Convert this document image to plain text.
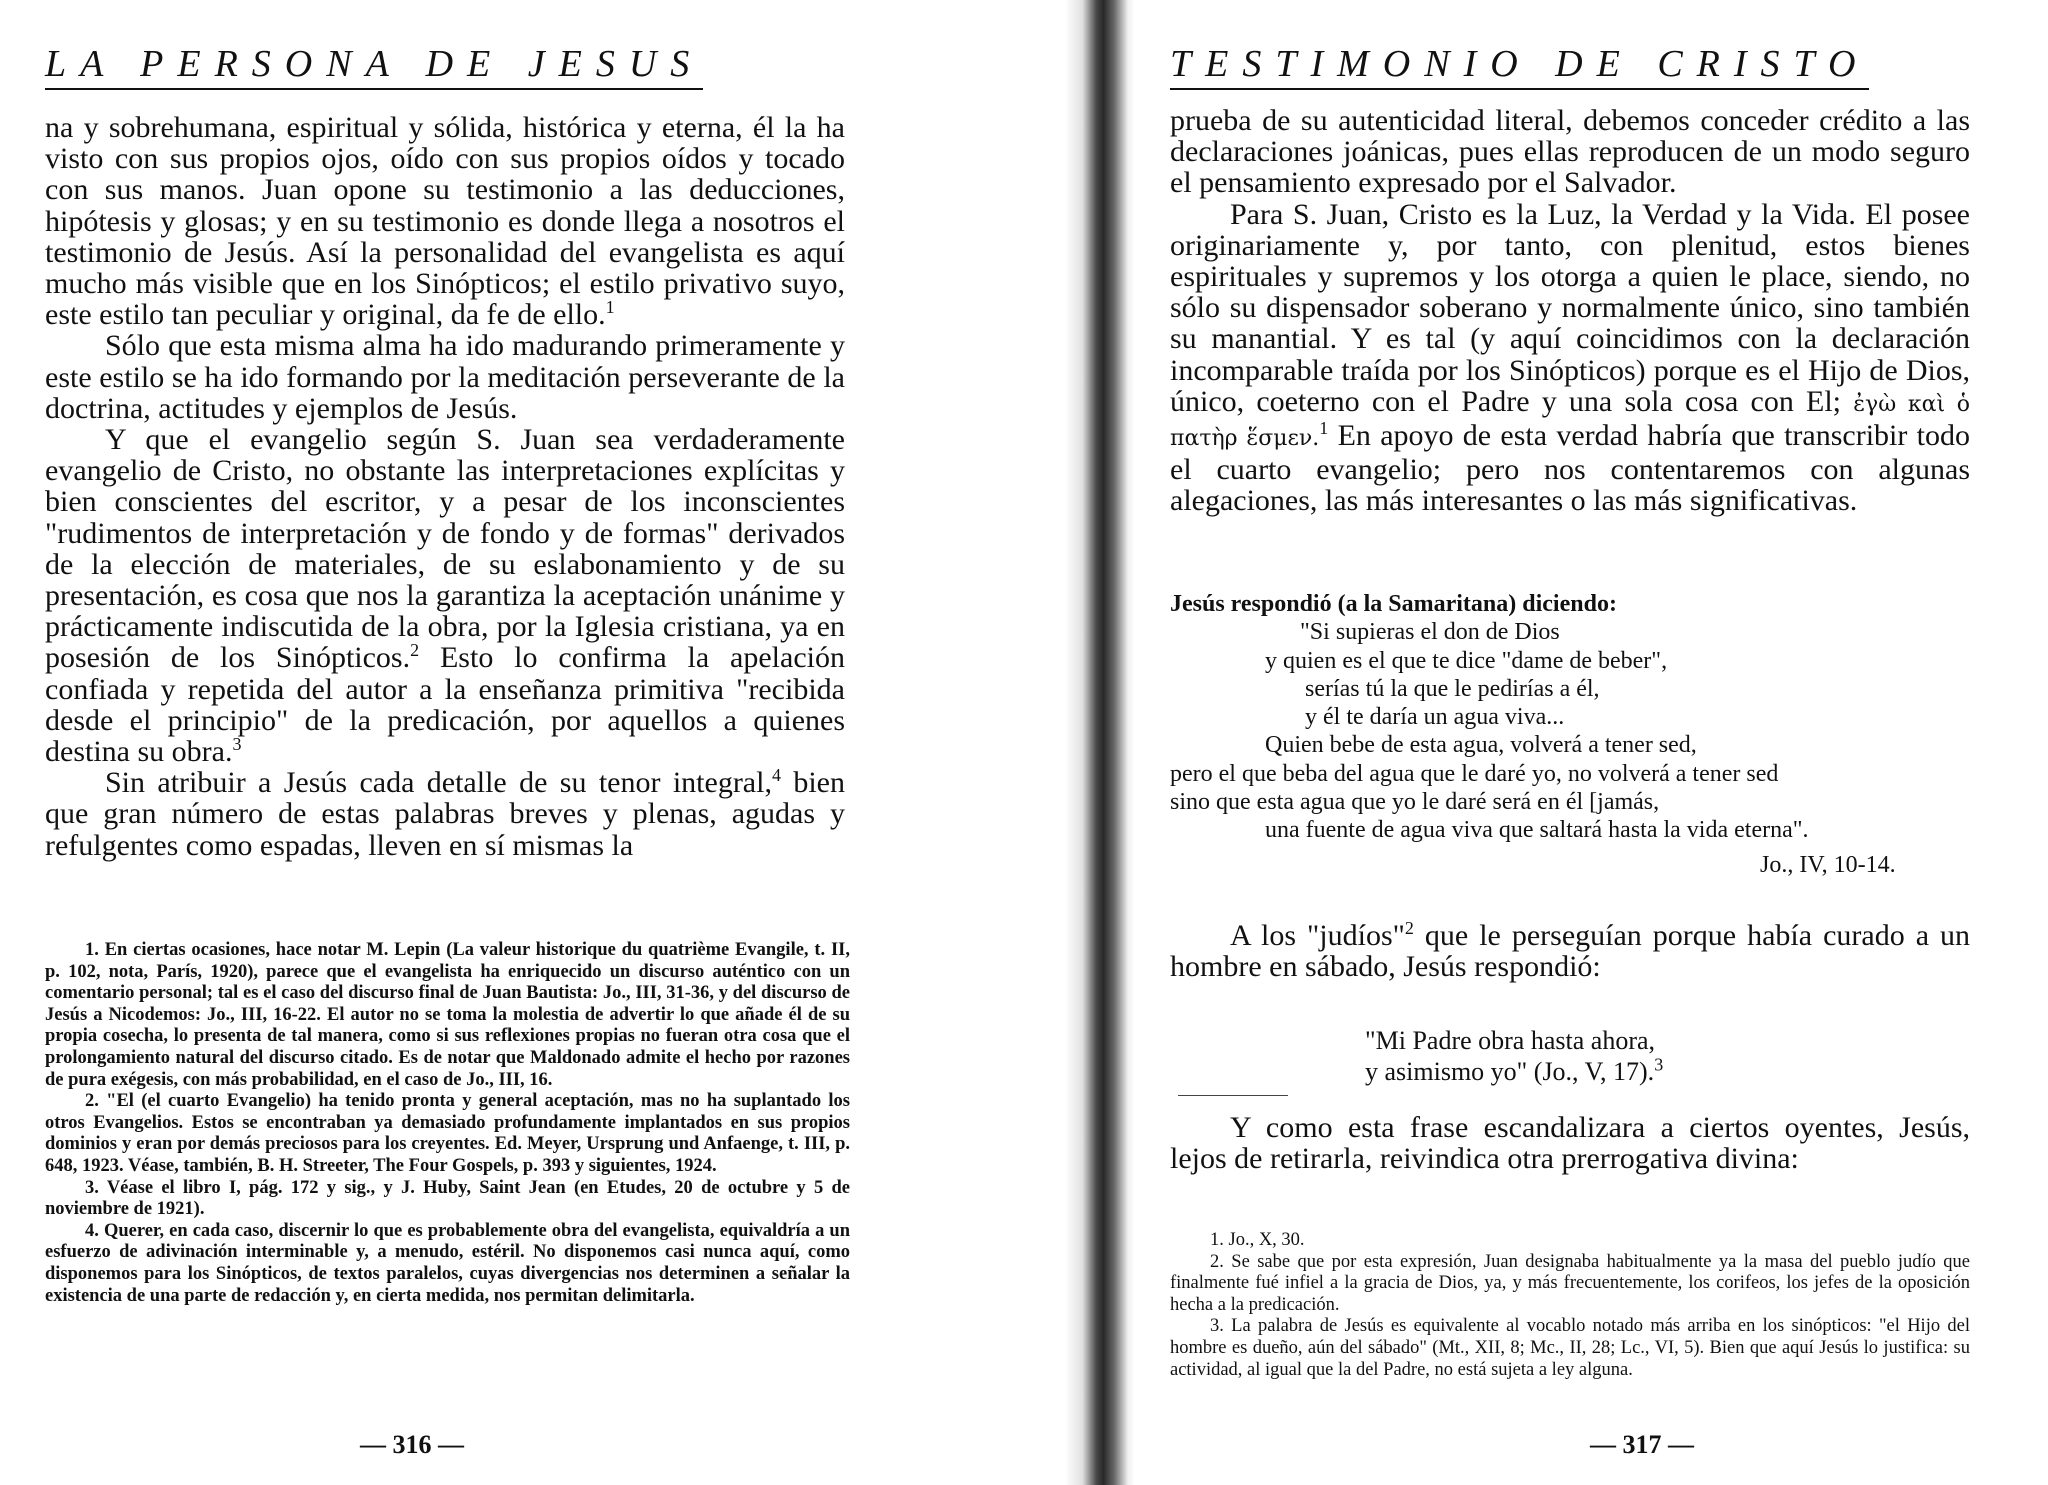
LA PERSONA DE JESUS

na y sobrehumana, espiritual y sólida, histórica y eterna, él la ha visto con sus propios ojos, oído con sus propios oídos y tocado con sus manos. Juan opone su testimonio a las deducciones, hipótesis y glosas; y en su testimonio es donde llega a nosotros el testimonio de Jesús. Así la personalidad del evangelista es aquí mucho más visible que en los Sinópticos; el estilo privativo suyo, este estilo tan peculiar y original, da fe de ello.$^1$

Sólo que esta misma alma ha ido madurando primeramente y este estilo se ha ido formando por la meditación perseverante de la doctrina, actitudes y ejemplos de Jesús.

Y que el evangelio según S. Juan sea verdaderamente evangelio de Cristo, no obstante las interpretaciones explícitas y bien conscientes del escritor, y a pesar de los inconscientes "rudimentos de interpretación y de fondo y de formas" derivados de la elección de materiales, de su eslabonamiento y de su presentación, es cosa que nos la garantiza la aceptación unánime y prácticamente indiscutida de la obra, por la Iglesia cristiana, ya en posesión de los Sinópticos.$^2$ Esto lo confirma la apelación confiada y repetida del autor a la enseñanza primitiva "recibida desde el principio" de la predicación, por aquellos a quienes destina su obra.$^3$

Sin atribuir a Jesús cada detalle de su tenor integral,$^4$ bien que gran número de estas palabras breves y plenas, agudas y refulgentes como espadas, lleven en sí mismas la

1. En ciertas ocasiones, hace notar M. Lepin (La valeur historique du quatrième Evangile, t. II, p. 102, nota, París, 1920), parece que el evangelista ha enriquecido un discurso auténtico con un comentario personal; tal es el caso del discurso final de Juan Bautista: Jo., III, 31-36, y del discurso de Jesús a Nicodemos: Jo., III, 16-22. El autor no se toma la molestia de advertir lo que añade él de su propia cosecha, lo presenta de tal manera, como si sus reflexiones propias no fueran otra cosa que el prolongamiento natural del discurso citado. Es de notar que Maldonado admite el hecho por razones de pura exégesis, con más probabilidad, en el caso de Jo., III, 16.

2. "El (el cuarto Evangelio) ha tenido pronta y general aceptación, mas no ha suplantado los otros Evangelios. Estos se encontraban ya demasiado profundamente implantados en sus propios dominios y eran por demás preciosos para los creyentes. Ed. Meyer, Ursprung und Anfaenge, t. III, p. 648, 1923. Véase, también, B. H. Streeter, The Four Gospels, p. 393 y siguientes, 1924.

3. Véase el libro I, pág. 172 y sig., y J. Huby, Saint Jean (en Etudes, 20 de octubre y 5 de noviembre de 1921).

4. Querer, en cada caso, discernir lo que es probablemente obra del evangelista, equivaldría a un esfuerzo de adivinación interminable y, a menudo, estéril. No disponemos casi nunca aquí, como disponemos para los Sinópticos, de textos paralelos, cuyas divergencias nos determinen a señalar la existencia de una parte de redacción y, en cierta medida, nos permitan delimitarla.

— 316 —
TESTIMONIO DE CRISTO

prueba de su autenticidad literal, debemos conceder crédito a las declaraciones joánicas, pues ellas reproducen de un modo seguro el pensamiento expresado por el Salvador.

Para S. Juan, Cristo es la Luz, la Verdad y la Vida. El posee originariamente y, por tanto, con plenitud, estos bienes espirituales y supremos y los otorga a quien le place, siendo, no sólo su dispensador soberano y normalmente único, sino también su manantial. Y es tal (y aquí coincidimos con la declaración incomparable traída por los Sinópticos) porque es el Hijo de Dios, único, coeterno con el Padre y una sola cosa con El; ἐγὼ καὶ ὁ πατὴρ ἕσμεν.$^1$ En apoyo de esta verdad habría que transcribir todo el cuarto evangelio; pero nos contentaremos con algunas alegaciones, las más interesantes o las más significativas.

Jesús respondió (a la Samaritana) diciendo:

"Si supieras el don de Dios

y quien es el que te dice "dame de beber",

serías tú la que le pedirías a él,

y él te daría un agua viva...

Quien bebe de esta agua, volverá a tener sed,

pero el que beba del agua que le daré yo, no volverá a tener sed

sino que esta agua que yo le daré será en él [jamás,

una fuente de agua viva que saltará hasta la vida eterna".

Jo., IV, 10-14.

A los "judíos"$^2$ que le perseguían porque había curado a un hombre en sábado, Jesús respondió:

"Mi Padre obra hasta ahora,

y asimismo yo" (Jo., V, 17).$^3$

Y como esta frase escandalizara a ciertos oyentes, Jesús, lejos de retirarla, reivindica otra prerrogativa divina:

1. Jo., X, 30.

2. Se sabe que por esta expresión, Juan designaba habitualmente ya la masa del pueblo judío que finalmente fué infiel a la gracia de Dios, ya, y más frecuentemente, los corifeos, los jefes de la oposición hecha a la predicación.

3. La palabra de Jesús es equivalente al vocablo notado más arriba en los sinópticos: "el Hijo del hombre es dueño, aún del sábado" (Mt., XII, 8; Mc., II, 28; Lc., VI, 5). Bien que aquí Jesús lo justifica: su actividad, al igual que la del Padre, no está sujeta a ley alguna.

— 317 —
